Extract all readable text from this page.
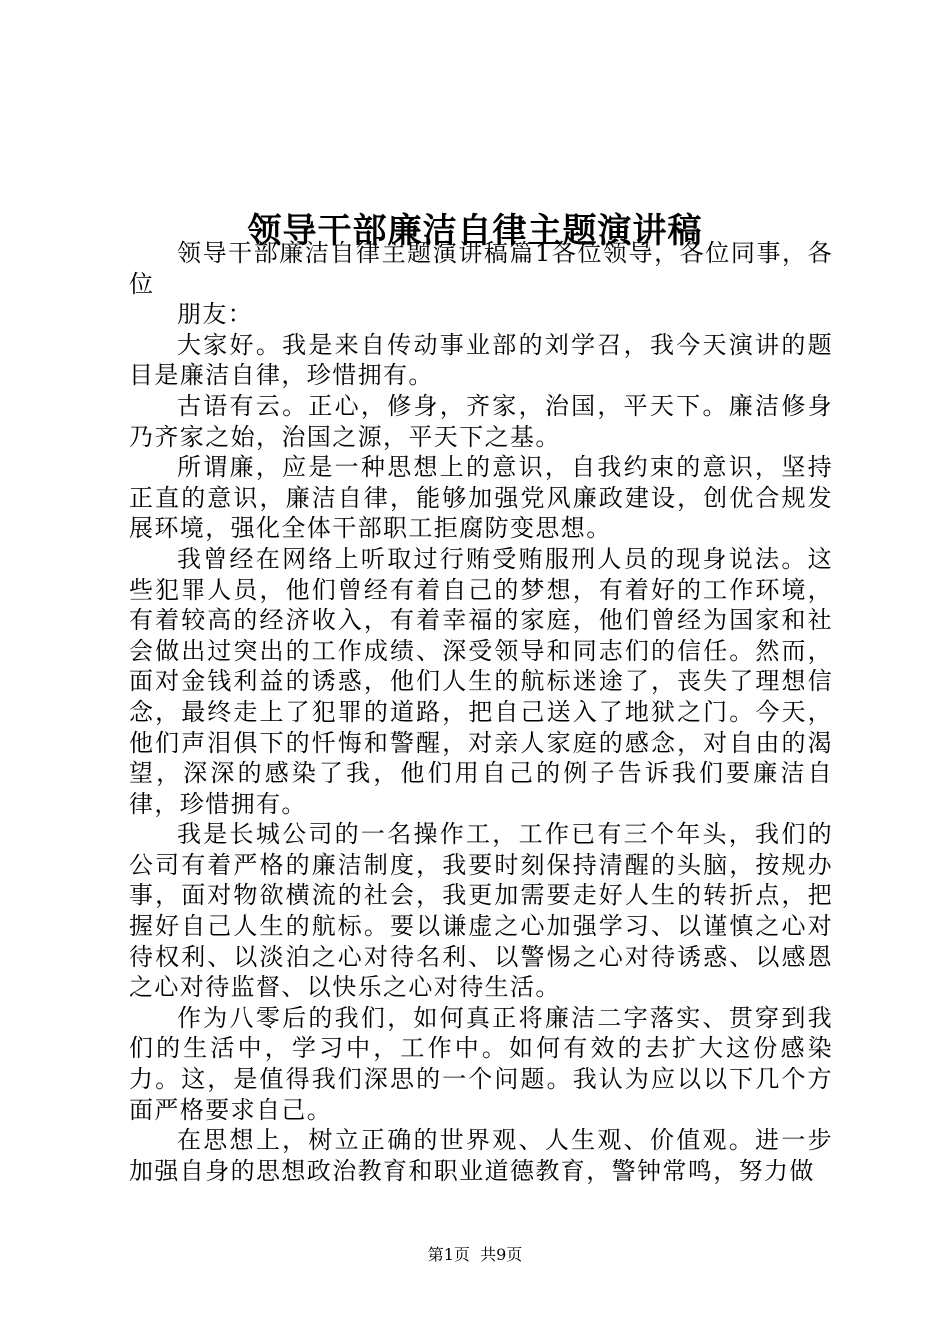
领导干部廉洁自律主题演讲稿

领导干部廉洁自律主题演讲稿篇1各位领导，各位同事，各位

朋友：

大家好。我是来自传动事业部的刘学召，我今天演讲的题目是廉洁自律，珍惜拥有。

古语有云。正心，修身，齐家，治国，平天下。廉洁修身乃齐家之始，治国之源，平天下之基。

所谓廉，应是一种思想上的意识，自我约束的意识，坚持正直的意识，廉洁自律，能够加强党风廉政建设，创优合规发展环境，强化全体干部职工拒腐防变思想。

我曾经在网络上听取过行贿受贿服刑人员的现身说法。这些犯罪人员，他们曾经有着自己的梦想，有着好的工作环境，有着较高的经济收入，有着幸福的家庭，他们曾经为国家和社会做出过突出的工作成绩、深受领导和同志们的信任。然而，面对金钱利益的诱惑，他们人生的航标迷途了，丧失了理想信念，最终走上了犯罪的道路，把自己送入了地狱之门。今天，他们声泪俱下的忏悔和警醒，对亲人家庭的感念，对自由的渴望，深深的感染了我，他们用自己的例子告诉我们要廉洁自律，珍惜拥有。

我是长城公司的一名操作工，工作已有三个年头，我们的公司有着严格的廉洁制度，我要时刻保持清醒的头脑，按规办事，面对物欲横流的社会，我更加需要走好人生的转折点，把握好自己人生的航标。要以谦虚之心加强学习、以谨慎之心对待权利、以淡泊之心对待名利、以警惕之心对待诱惑、以感恩之心对待监督、以快乐之心对待生活。

作为八零后的我们，如何真正将廉洁二字落实、贯穿到我们的生活中，学习中，工作中。如何有效的去扩大这份感染力。这，是值得我们深思的一个问题。我认为应以以下几个方面严格要求自己。

在思想上，树立正确的世界观、人生观、价值观。进一步加强自身的思想政治教育和职业道德教育，警钟常鸣，努力做

第1页 共9页
